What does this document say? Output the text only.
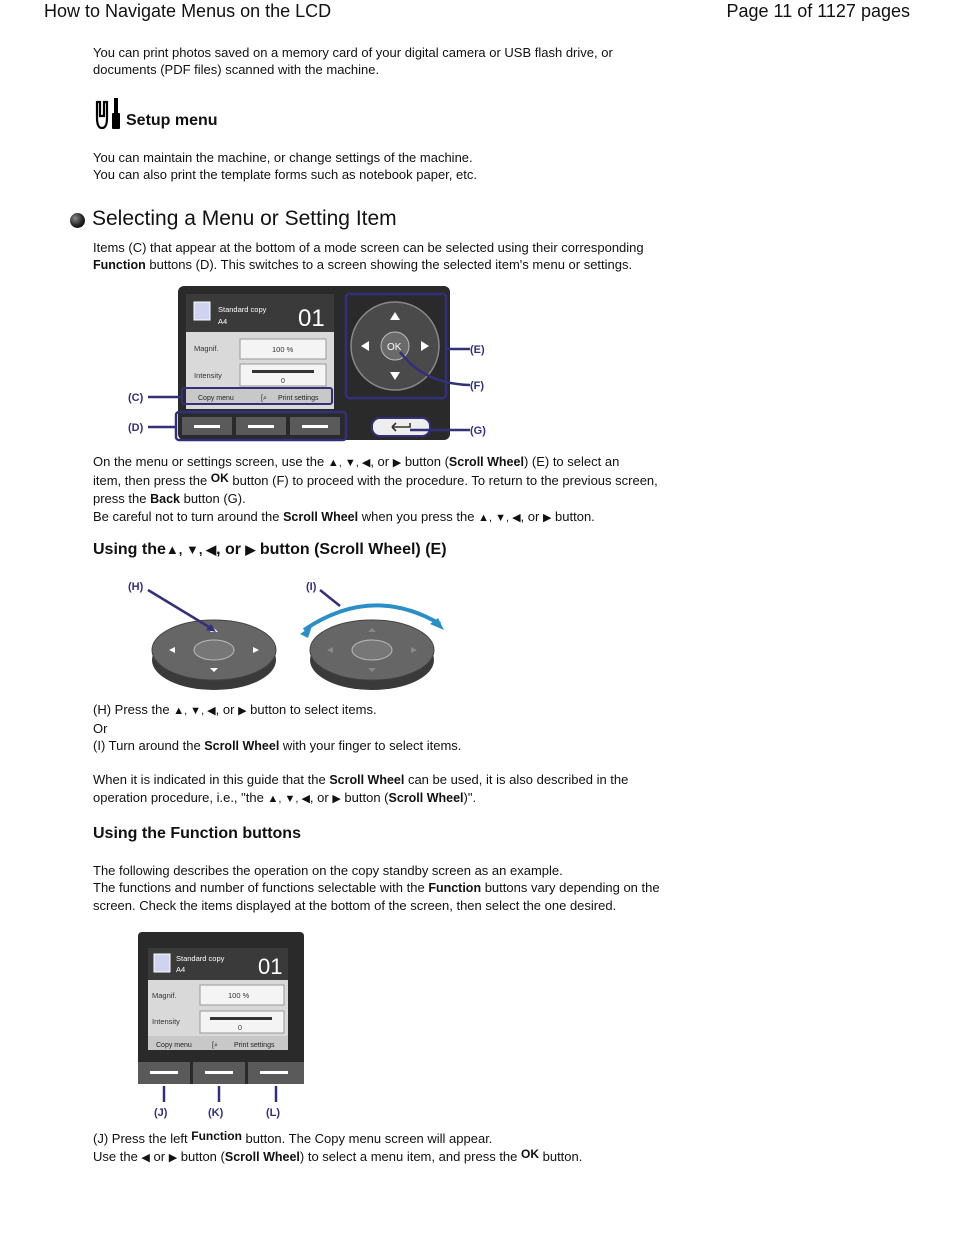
How to Navigate Menus on the LCD	Page 11 of 1127 pages
You can print photos saved on a memory card of your digital camera or USB flash drive, or
documents (PDF files) scanned with the machine.
Setup menu
You can maintain the machine, or change settings of the machine.
You can also print the template forms such as notebook paper, etc.
Selecting a Menu or Setting Item
Items (C) that appear at the bottom of a mode screen can be selected using their corresponding
Function buttons (D). This switches to a screen showing the selected item's menu or settings.
Standard copy
A4	01
Magnif.	100 %
Intensity
0
Copy menu	[⌕ Print settings
OK
(C)
(D)
(E)
(F)
(G)
On the menu or settings screen, use the ▲, ▼, ◀, or ▶ button (Scroll Wheel) (E) to select an
item, then press the OK button (F) to proceed with the procedure. To return to the previous screen,
press the Back button (G).
Be careful not to turn around the Scroll Wheel when you press the ▲, ▼, ◀, or ▶ button.
Using the▲, ▼, ◀, or ▶ button (Scroll Wheel) (E)
(H)	(I)
(H) Press the ▲, ▼, ◀, or ▶ button to select items.
Or
(I) Turn around the Scroll Wheel with your finger to select items.
When it is indicated in this guide that the Scroll Wheel can be used, it is also described in the
operation procedure, i.e., "the ▲, ▼, ◀, or ▶ button (Scroll Wheel)".
Using the Function buttons
The following describes the operation on the copy standby screen as an example.
The functions and number of functions selectable with the Function buttons vary depending on the
screen. Check the items displayed at the bottom of the screen, then select the one desired.
Standard copy
A4	01
Magnif.	100 %
Intensity
0
Copy menu	[⌕ Print settings
(J)	(K)	(L)
(J) Press the left Function button. The Copy menu screen will appear.
Use the ◀ or ▶ button (Scroll Wheel) to select a menu item, and press the OK button.
